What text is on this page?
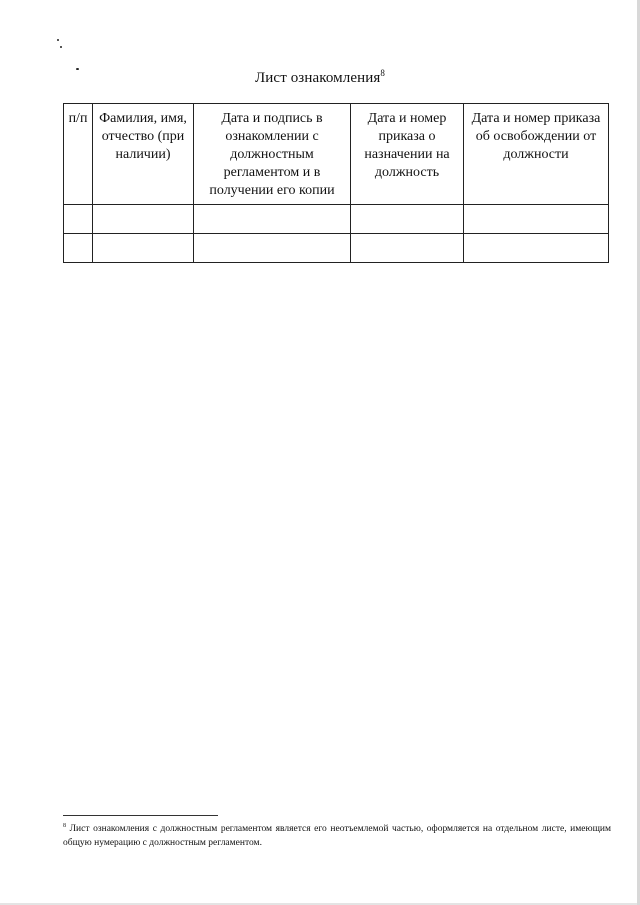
Лист ознакомления$^8$
п/п	Фамилия, имя, отчество (при наличии)	Дата и подпись в ознакомлении с должностным регламентом и в получении его копии	Дата и номер приказа о назначении на должность	Дата и номер приказа об освобождении от должности

$^8$ Лист ознакомления с должностным регламентом является его неотъемлемой частью, оформляется на отдельном листе, имеющим общую нумерацию с должностным регламентом.
